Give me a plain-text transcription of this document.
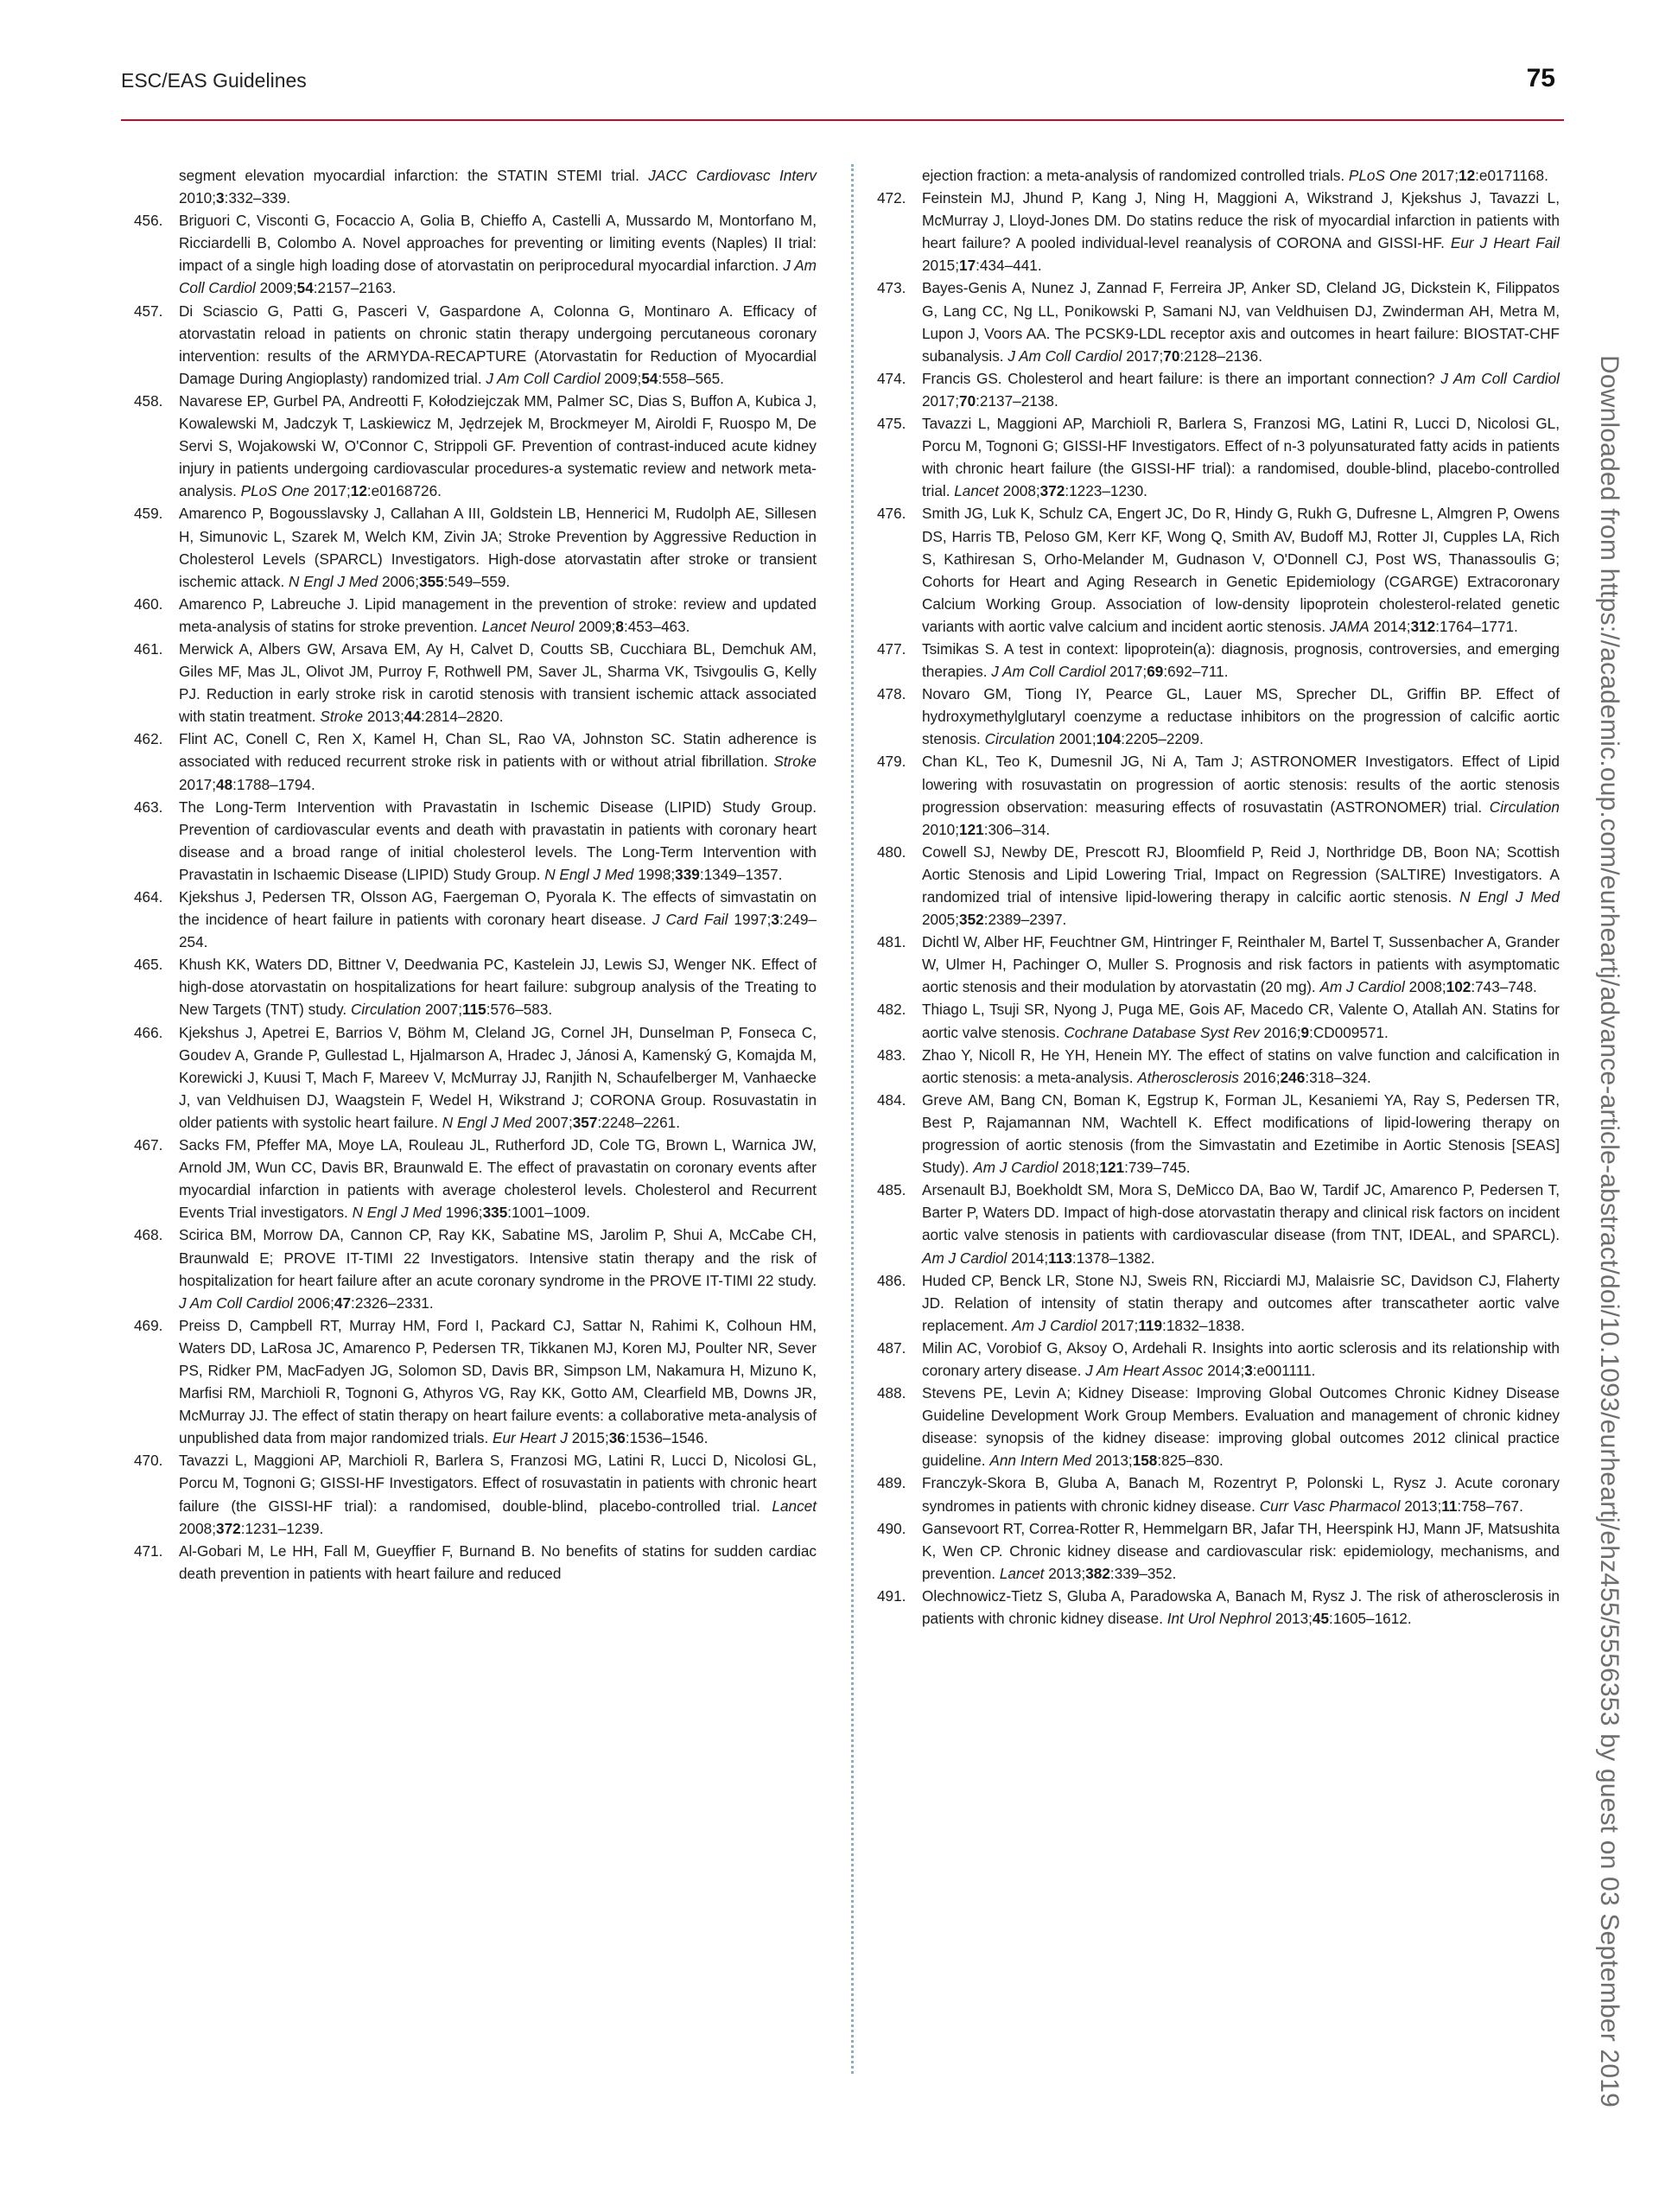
ESC/EAS Guidelines	75
segment elevation myocardial infarction: the STATIN STEMI trial. JACC Cardiovasc Interv 2010;3:332–339.
456.	Briguori C, Visconti G, Focaccio A, Golia B, Chieffo A, Castelli A, Mussardo M, Montorfano M, Ricciardelli B, Colombo A. Novel approaches for preventing or limiting events (Naples) II trial: impact of a single high loading dose of atorvastatin on periprocedural myocardial infarction. J Am Coll Cardiol 2009;54:2157–2163.
457.	Di Sciascio G, Patti G, Pasceri V, Gaspardone A, Colonna G, Montinaro A. Efficacy of atorvastatin reload in patients on chronic statin therapy undergoing percutaneous coronary intervention: results of the ARMYDA-RECAPTURE (Atorvastatin for Reduction of Myocardial Damage During Angioplasty) randomized trial. J Am Coll Cardiol 2009;54:558–565.
458.	Navarese EP, Gurbel PA, Andreotti F, Kołodziejczak MM, Palmer SC, Dias S, Buffon A, Kubica J, Kowalewski M, Jadczyk T, Laskiewicz M, Jędrzejek M, Brockmeyer M, Airoldi F, Ruospo M, De Servi S, Wojakowski W, O'Connor C, Strippoli GF. Prevention of contrast-induced acute kidney injury in patients undergoing cardiovascular procedures-a systematic review and network meta-analysis. PLoS One 2017;12:e0168726.
459.	Amarenco P, Bogousslavsky J, Callahan A III, Goldstein LB, Hennerici M, Rudolph AE, Sillesen H, Simunovic L, Szarek M, Welch KM, Zivin JA; Stroke Prevention by Aggressive Reduction in Cholesterol Levels (SPARCL) Investigators. High-dose atorvastatin after stroke or transient ischemic attack. N Engl J Med 2006;355:549–559.
460.	Amarenco P, Labreuche J. Lipid management in the prevention of stroke: review and updated meta-analysis of statins for stroke prevention. Lancet Neurol 2009;8:453–463.
461.	Merwick A, Albers GW, Arsava EM, Ay H, Calvet D, Coutts SB, Cucchiara BL, Demchuk AM, Giles MF, Mas JL, Olivot JM, Purroy F, Rothwell PM, Saver JL, Sharma VK, Tsivgoulis G, Kelly PJ. Reduction in early stroke risk in carotid stenosis with transient ischemic attack associated with statin treatment. Stroke 2013;44:2814–2820.
462.	Flint AC, Conell C, Ren X, Kamel H, Chan SL, Rao VA, Johnston SC. Statin adherence is associated with reduced recurrent stroke risk in patients with or without atrial fibrillation. Stroke 2017;48:1788–1794.
463.	The Long-Term Intervention with Pravastatin in Ischemic Disease (LIPID) Study Group. Prevention of cardiovascular events and death with pravastatin in patients with coronary heart disease and a broad range of initial cholesterol levels. The Long-Term Intervention with Pravastatin in Ischaemic Disease (LIPID) Study Group. N Engl J Med 1998;339:1349–1357.
464.	Kjekshus J, Pedersen TR, Olsson AG, Faergeman O, Pyorala K. The effects of simvastatin on the incidence of heart failure in patients with coronary heart disease. J Card Fail 1997;3:249–254.
465.	Khush KK, Waters DD, Bittner V, Deedwania PC, Kastelein JJ, Lewis SJ, Wenger NK. Effect of high-dose atorvastatin on hospitalizations for heart failure: subgroup analysis of the Treating to New Targets (TNT) study. Circulation 2007;115:576–583.
466.	Kjekshus J, Apetrei E, Barrios V, Böhm M, Cleland JG, Cornel JH, Dunselman P, Fonseca C, Goudev A, Grande P, Gullestad L, Hjalmarson A, Hradec J, Jánosi A, Kamenský G, Komajda M, Korewicki J, Kuusi T, Mach F, Mareev V, McMurray JJ, Ranjith N, Schaufelberger M, Vanhaecke J, van Veldhuisen DJ, Waagstein F, Wedel H, Wikstrand J; CORONA Group. Rosuvastatin in older patients with systolic heart failure. N Engl J Med 2007;357:2248–2261.
467.	Sacks FM, Pfeffer MA, Moye LA, Rouleau JL, Rutherford JD, Cole TG, Brown L, Warnica JW, Arnold JM, Wun CC, Davis BR, Braunwald E. The effect of pravastatin on coronary events after myocardial infarction in patients with average cholesterol levels. Cholesterol and Recurrent Events Trial investigators. N Engl J Med 1996;335:1001–1009.
468.	Scirica BM, Morrow DA, Cannon CP, Ray KK, Sabatine MS, Jarolim P, Shui A, McCabe CH, Braunwald E; PROVE IT-TIMI 22 Investigators. Intensive statin therapy and the risk of hospitalization for heart failure after an acute coronary syndrome in the PROVE IT-TIMI 22 study. J Am Coll Cardiol 2006;47:2326–2331.
469.	Preiss D, Campbell RT, Murray HM, Ford I, Packard CJ, Sattar N, Rahimi K, Colhoun HM, Waters DD, LaRosa JC, Amarenco P, Pedersen TR, Tikkanen MJ, Koren MJ, Poulter NR, Sever PS, Ridker PM, MacFadyen JG, Solomon SD, Davis BR, Simpson LM, Nakamura H, Mizuno K, Marfisi RM, Marchioli R, Tognoni G, Athyros VG, Ray KK, Gotto AM, Clearfield MB, Downs JR, McMurray JJ. The effect of statin therapy on heart failure events: a collaborative meta-analysis of unpublished data from major randomized trials. Eur Heart J 2015;36:1536–1546.
470.	Tavazzi L, Maggioni AP, Marchioli R, Barlera S, Franzosi MG, Latini R, Lucci D, Nicolosi GL, Porcu M, Tognoni G; GISSI-HF Investigators. Effect of rosuvastatin in patients with chronic heart failure (the GISSI-HF trial): a randomised, double-blind, placebo-controlled trial. Lancet 2008;372:1231–1239.
471.	Al-Gobari M, Le HH, Fall M, Gueyffier F, Burnand B. No benefits of statins for sudden cardiac death prevention in patients with heart failure and reduced
ejection fraction: a meta-analysis of randomized controlled trials. PLoS One 2017;12:e0171168.
472.	Feinstein MJ, Jhund P, Kang J, Ning H, Maggioni A, Wikstrand J, Kjekshus J, Tavazzi L, McMurray J, Lloyd-Jones DM. Do statins reduce the risk of myocardial infarction in patients with heart failure? A pooled individual-level reanalysis of CORONA and GISSI-HF. Eur J Heart Fail 2015;17:434–441.
473.	Bayes-Genis A, Nunez J, Zannad F, Ferreira JP, Anker SD, Cleland JG, Dickstein K, Filippatos G, Lang CC, Ng LL, Ponikowski P, Samani NJ, van Veldhuisen DJ, Zwinderman AH, Metra M, Lupon J, Voors AA. The PCSK9-LDL receptor axis and outcomes in heart failure: BIOSTAT-CHF subanalysis. J Am Coll Cardiol 2017;70:2128–2136.
474.	Francis GS. Cholesterol and heart failure: is there an important connection? J Am Coll Cardiol 2017;70:2137–2138.
475.	Tavazzi L, Maggioni AP, Marchioli R, Barlera S, Franzosi MG, Latini R, Lucci D, Nicolosi GL, Porcu M, Tognoni G; GISSI-HF Investigators. Effect of n-3 polyunsaturated fatty acids in patients with chronic heart failure (the GISSI-HF trial): a randomised, double-blind, placebo-controlled trial. Lancet 2008;372:1223–1230.
476.	Smith JG, Luk K, Schulz CA, Engert JC, Do R, Hindy G, Rukh G, Dufresne L, Almgren P, Owens DS, Harris TB, Peloso GM, Kerr KF, Wong Q, Smith AV, Budoff MJ, Rotter JI, Cupples LA, Rich S, Kathiresan S, Orho-Melander M, Gudnason V, O'Donnell CJ, Post WS, Thanassoulis G; Cohorts for Heart and Aging Research in Genetic Epidemiology (CGARGE) Extracoronary Calcium Working Group. Association of low-density lipoprotein cholesterol-related genetic variants with aortic valve calcium and incident aortic stenosis. JAMA 2014;312:1764–1771.
477.	Tsimikas S. A test in context: lipoprotein(a): diagnosis, prognosis, controversies, and emerging therapies. J Am Coll Cardiol 2017;69:692–711.
478.	Novaro GM, Tiong IY, Pearce GL, Lauer MS, Sprecher DL, Griffin BP. Effect of hydroxymethylglutaryl coenzyme a reductase inhibitors on the progression of calcific aortic stenosis. Circulation 2001;104:2205–2209.
479.	Chan KL, Teo K, Dumesnil JG, Ni A, Tam J; ASTRONOMER Investigators. Effect of Lipid lowering with rosuvastatin on progression of aortic stenosis: results of the aortic stenosis progression observation: measuring effects of rosuvastatin (ASTRONOMER) trial. Circulation 2010;121:306–314.
480.	Cowell SJ, Newby DE, Prescott RJ, Bloomfield P, Reid J, Northridge DB, Boon NA; Scottish Aortic Stenosis and Lipid Lowering Trial, Impact on Regression (SALTIRE) Investigators. A randomized trial of intensive lipid-lowering therapy in calcific aortic stenosis. N Engl J Med 2005;352:2389–2397.
481.	Dichtl W, Alber HF, Feuchtner GM, Hintringer F, Reinthaler M, Bartel T, Sussenbacher A, Grander W, Ulmer H, Pachinger O, Muller S. Prognosis and risk factors in patients with asymptomatic aortic stenosis and their modulation by atorvastatin (20 mg). Am J Cardiol 2008;102:743–748.
482.	Thiago L, Tsuji SR, Nyong J, Puga ME, Gois AF, Macedo CR, Valente O, Atallah AN. Statins for aortic valve stenosis. Cochrane Database Syst Rev 2016;9:CD009571.
483.	Zhao Y, Nicoll R, He YH, Henein MY. The effect of statins on valve function and calcification in aortic stenosis: a meta-analysis. Atherosclerosis 2016;246:318–324.
484.	Greve AM, Bang CN, Boman K, Egstrup K, Forman JL, Kesaniemi YA, Ray S, Pedersen TR, Best P, Rajamannan NM, Wachtell K. Effect modifications of lipid-lowering therapy on progression of aortic stenosis (from the Simvastatin and Ezetimibe in Aortic Stenosis [SEAS] Study). Am J Cardiol 2018;121:739–745.
485.	Arsenault BJ, Boekholdt SM, Mora S, DeMicco DA, Bao W, Tardif JC, Amarenco P, Pedersen T, Barter P, Waters DD. Impact of high-dose atorvastatin therapy and clinical risk factors on incident aortic valve stenosis in patients with cardiovascular disease (from TNT, IDEAL, and SPARCL). Am J Cardiol 2014;113:1378–1382.
486.	Huded CP, Benck LR, Stone NJ, Sweis RN, Ricciardi MJ, Malaisrie SC, Davidson CJ, Flaherty JD. Relation of intensity of statin therapy and outcomes after transcatheter aortic valve replacement. Am J Cardiol 2017;119:1832–1838.
487.	Milin AC, Vorobiof G, Aksoy O, Ardehali R. Insights into aortic sclerosis and its relationship with coronary artery disease. J Am Heart Assoc 2014;3:e001111.
488.	Stevens PE, Levin A; Kidney Disease: Improving Global Outcomes Chronic Kidney Disease Guideline Development Work Group Members. Evaluation and management of chronic kidney disease: synopsis of the kidney disease: improving global outcomes 2012 clinical practice guideline. Ann Intern Med 2013;158:825–830.
489.	Franczyk-Skora B, Gluba A, Banach M, Rozentryt P, Polonski L, Rysz J. Acute coronary syndromes in patients with chronic kidney disease. Curr Vasc Pharmacol 2013;11:758–767.
490.	Gansevoort RT, Correa-Rotter R, Hemmelgarn BR, Jafar TH, Heerspink HJ, Mann JF, Matsushita K, Wen CP. Chronic kidney disease and cardiovascular risk: epidemiology, mechanisms, and prevention. Lancet 2013;382:339–352.
491.	Olechnowicz-Tietz S, Gluba A, Paradowska A, Banach M, Rysz J. The risk of atherosclerosis in patients with chronic kidney disease. Int Urol Nephrol 2013;45:1605–1612.	Downloaded from https://academic.oup.com/eurheartj/advance-article-abstract/doi/10.1093/eurheartj/ehz455/5556353 by guest on 03 September 2019
